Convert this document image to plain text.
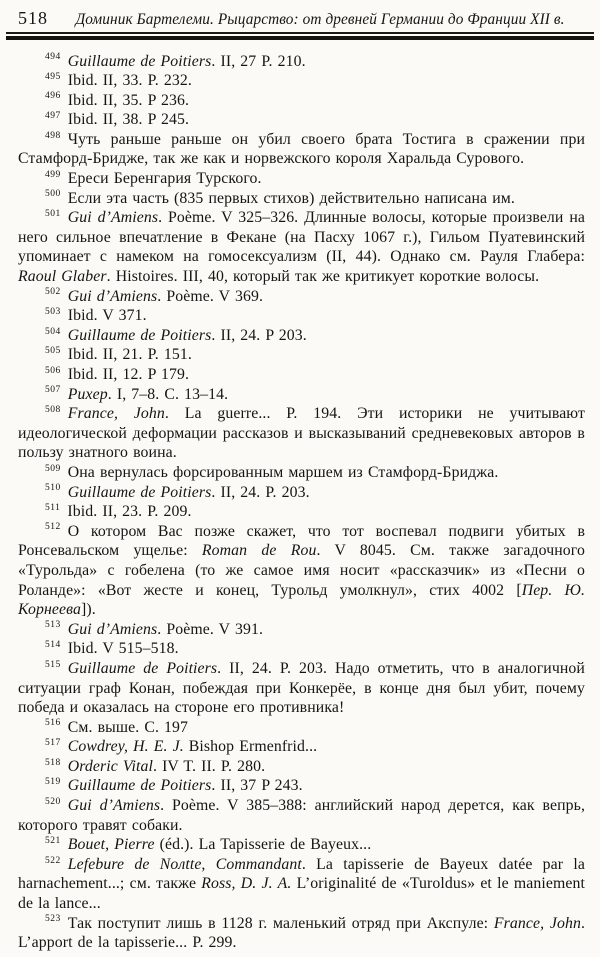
518	Доминик Бартелеми. Рыцарство: от древней Германии до Франции XII в.

$^{494}$ Guillaume de Poitiers. II, 27 P. 210.

$^{495}$ Ibid. II, 33. P. 232.

$^{496}$ Ibid. II, 35. P 236.

$^{497}$ Ibid. II, 38. P 245.

$^{498}$ Чуть раньше раньше он убил своего брата Тостига в сражении при Стамфорд-Бридже, так же как и норвежского короля Харальда Сурового.

$^{499}$ Ереси Беренгария Турского.

$^{500}$ Если эта часть (835 первых стихов) действительно написана им.

$^{501}$ Gui d’Amiens. Poème. V 325–326. Длинные волосы, которые произвели на него сильное впечатление в Фекане (на Пасху 1067 г.), Гильом Пуатевинский упоминает с намеком на гомосексуализм (II, 44). Однако см. Рауля Глабера: Raoul Glaber. Histoires. III, 40, который так же критикует короткие волосы.

$^{502}$ Gui d’Amiens. Poème. V 369.

$^{503}$ Ibid. V 371.

$^{504}$ Guillaume de Poitiers. II, 24. P 203.

$^{505}$ Ibid. II, 21. P. 151.

$^{506}$ Ibid. II, 12. P 179.

$^{507}$ Рихер. I, 7–8. С. 13–14.

$^{508}$ France, John. La guerre... P. 194. Эти историки не учитывают идеологической деформации рассказов и высказываний средневековых авторов в пользу знатного воина.

$^{509}$ Она вернулась форсированным маршем из Стамфорд-Бриджа.

$^{510}$ Guillaume de Poitiers. II, 24. P. 203.

$^{511}$ Ibid. II, 23. P. 209.

$^{512}$ О котором Вас позже скажет, что тот воспевал подвиги убитых в Ронсевальском ущелье: Roman de Rou. V 8045. См. также загадочного «Турольда» с гобелена (то же самое имя носит «рассказчик» из «Песни о Роланде»: «Вот жесте и конец, Турольд умолкнул», стих 4002 [Пер. Ю. Корнеева]).

$^{513}$ Gui d’Amiens. Poème. V 391.

$^{514}$ Ibid. V 515–518.

$^{515}$ Guillaume de Poitiers. II, 24. P. 203. Надо отметить, что в аналогичной ситуации граф Конан, побеждая при Конкерёе, в конце дня был убит, почему победа и оказалась на стороне его противника!

$^{516}$ См. выше. С. 197

$^{517}$ Cowdrey, H. E. J. Bishop Ermenfrid...

$^{518}$ Orderic Vital. IV T. II. P. 280.

$^{519}$ Guillaume de Poitiers. II, 37 P 243.

$^{520}$ Gui d’Amiens. Poème. V 385–388: английский народ дерется, как вепрь, которого травят собаки.

$^{521}$ Bouet, Pierre (éd.). La Tapisserie de Bayeux...

$^{522}$ Lefebure de Noлtte, Commandant. La tapisserie de Bayeux datée par la harnachement...; см. также Ross, D. J. A. L’originalité de «Turoldus» et le maniement de la lance...

$^{523}$ Так поступит лишь в 1128 г. маленький отряд при Акспуле: France, John. L’apport de la tapisserie... P. 299.
